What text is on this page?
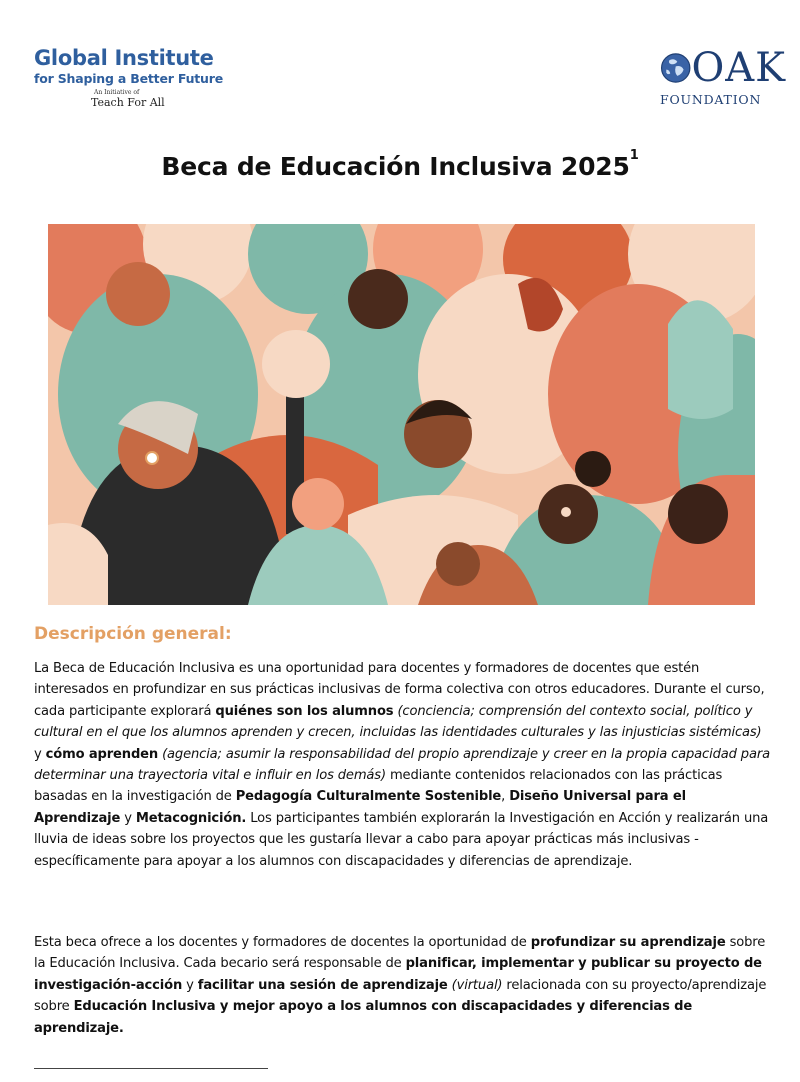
Global Institute
for Shaping a Better Future
An Initiative of
Teach For All
OAK
FOUNDATION
Beca de Educación Inclusiva 2025$^1$
Descripción general:

La Beca de Educación Inclusiva es una oportunidad para docentes y formadores de docentes que estén interesados en profundizar en sus prácticas inclusivas de forma colectiva con otros educadores. Durante el curso, cada participante explorará quiénes son los alumnos (conciencia; comprensión del contexto social, político y cultural en el que los alumnos aprenden y crecen, incluidas las identidades culturales y las injusticias sistémicas) y cómo aprenden (agencia; asumir la responsabilidad del propio aprendizaje y creer en la propia capacidad para determinar una trayectoria vital e influir en los demás) mediante contenidos relacionados con las prácticas basadas en la investigación de Pedagogía Culturalmente Sostenible, Diseño Universal para el Aprendizaje y Metacognición. Los participantes también explorarán la Investigación en Acción y realizarán una lluvia de ideas sobre los proyectos que les gustaría llevar a cabo para apoyar prácticas más inclusivas - específicamente para apoyar a los alumnos con discapacidades y diferencias de aprendizaje.

Esta beca ofrece a los docentes y formadores de docentes la oportunidad de profundizar su aprendizaje sobre la Educación Inclusiva. Cada becario será responsable de planificar, implementar y publicar su proyecto de investigación-acción y facilitar una sesión de aprendizaje (virtual) relacionada con su proyecto/aprendizaje sobre Educación Inclusiva y mejor apoyo a los alumnos con discapacidades y diferencias de aprendizaje.
